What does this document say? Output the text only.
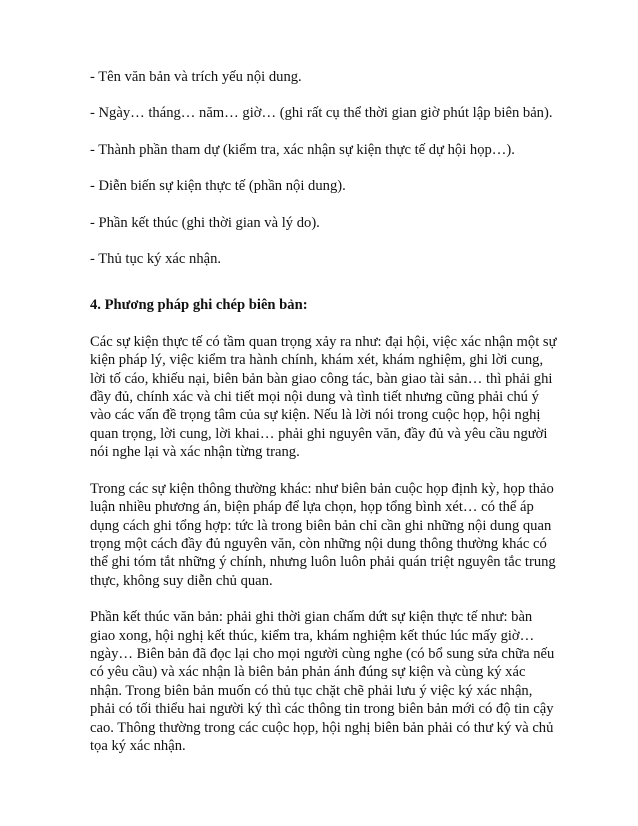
- Tên văn bản và trích yếu nội dung.

- Ngày… tháng… năm… giờ… (ghi rất cụ thể thời gian giờ phút lập biên bản).

- Thành phần tham dự (kiểm tra, xác nhận sự kiện thực tế dự hội họp…).

- Diễn biến sự kiện thực tế (phần nội dung).

- Phần kết thúc (ghi thời gian và lý do).

- Thủ tục ký xác nhận.

4. Phương pháp ghi chép biên bản:

Các sự kiện thực tế có tầm quan trọng xảy ra như: đại hội, việc xác nhận một sự kiện pháp lý, việc kiểm tra hành chính, khám xét, khám nghiệm, ghi lời cung, lời tố cáo, khiếu nại, biên bản bàn giao công tác, bàn giao tài sản… thì phải ghi đầy đủ, chính xác và chi tiết mọi nội dung và tình tiết nhưng cũng phải chú ý vào các vấn đề trọng tâm của sự kiện. Nếu là lời nói trong cuộc họp, hội nghị quan trọng, lời cung, lời khai… phải ghi nguyên văn, đầy đủ và yêu cầu người nói nghe lại và xác nhận từng trang.

Trong các sự kiện thông thường khác: như biên bản cuộc họp định kỳ, họp thảo luận nhiều phương án, biện pháp để lựa chọn, họp tổng bình xét… có thể áp dụng cách ghi tổng hợp: tức là trong biên bản chỉ cần ghi những nội dung quan trọng một cách đầy đủ nguyên văn, còn những nội dung thông thường khác có thể ghi tóm tắt những ý chính, nhưng luôn luôn phải quán triệt nguyên tắc trung thực, không suy diễn chủ quan.

Phần kết thúc văn bản: phải ghi thời gian chấm dứt sự kiện thực tế như: bàn giao xong, hội nghị kết thúc, kiểm tra, khám nghiệm kết thúc lúc mấy giờ… ngày… Biên bản đã đọc lại cho mọi người cùng nghe (có bổ sung sửa chữa nếu có yêu cầu) và xác nhận là biên bản phản ánh đúng sự kiện và cùng ký xác nhận. Trong biên bản muốn có thủ tục chặt chẽ phải lưu ý việc ký xác nhận, phải có tối thiểu hai người ký thì các thông tin trong biên bản mới có độ tin cậy cao. Thông thường trong các cuộc họp, hội nghị biên bản phải có thư ký và chủ tọa ký xác nhận.
